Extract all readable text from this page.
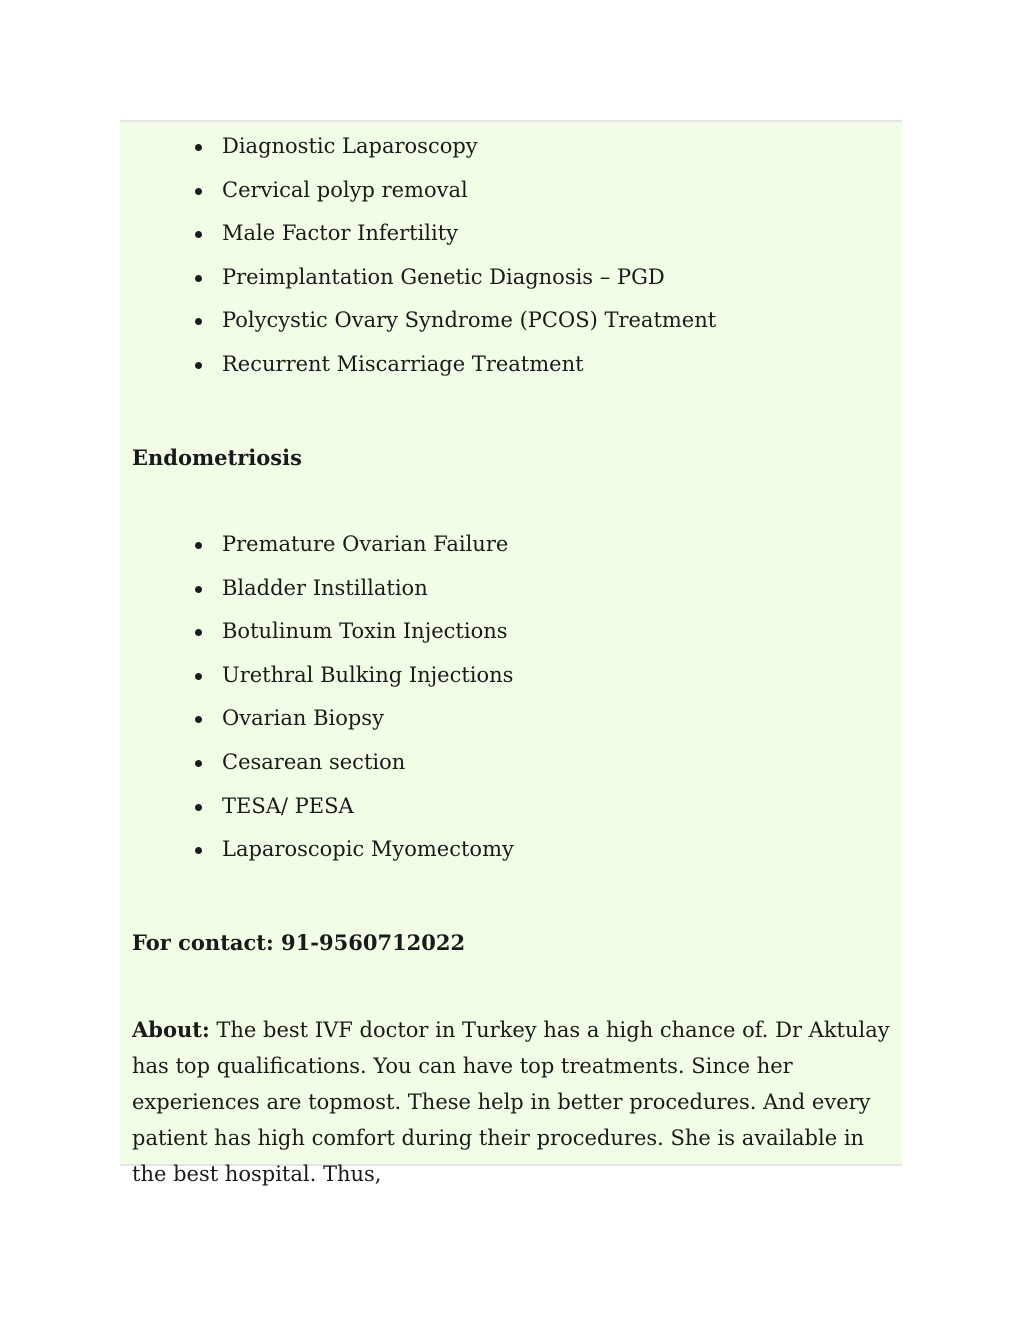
Diagnostic Laparoscopy
Cervical polyp removal
Male Factor Infertility
Preimplantation Genetic Diagnosis – PGD
Polycystic Ovary Syndrome (PCOS) Treatment
Recurrent Miscarriage Treatment
Endometriosis
Premature Ovarian Failure
Bladder Instillation
Botulinum Toxin Injections
Urethral Bulking Injections
Ovarian Biopsy
Cesarean section
TESA/ PESA
Laparoscopic Myomectomy
For contact: 91-9560712022

About: The best IVF doctor in Turkey has a high chance of. Dr Aktulay has top qualifications. You can have top treatments. Since her experiences are topmost. These help in better procedures. And every patient has high comfort during their procedures. She is available in the best hospital. Thus,
